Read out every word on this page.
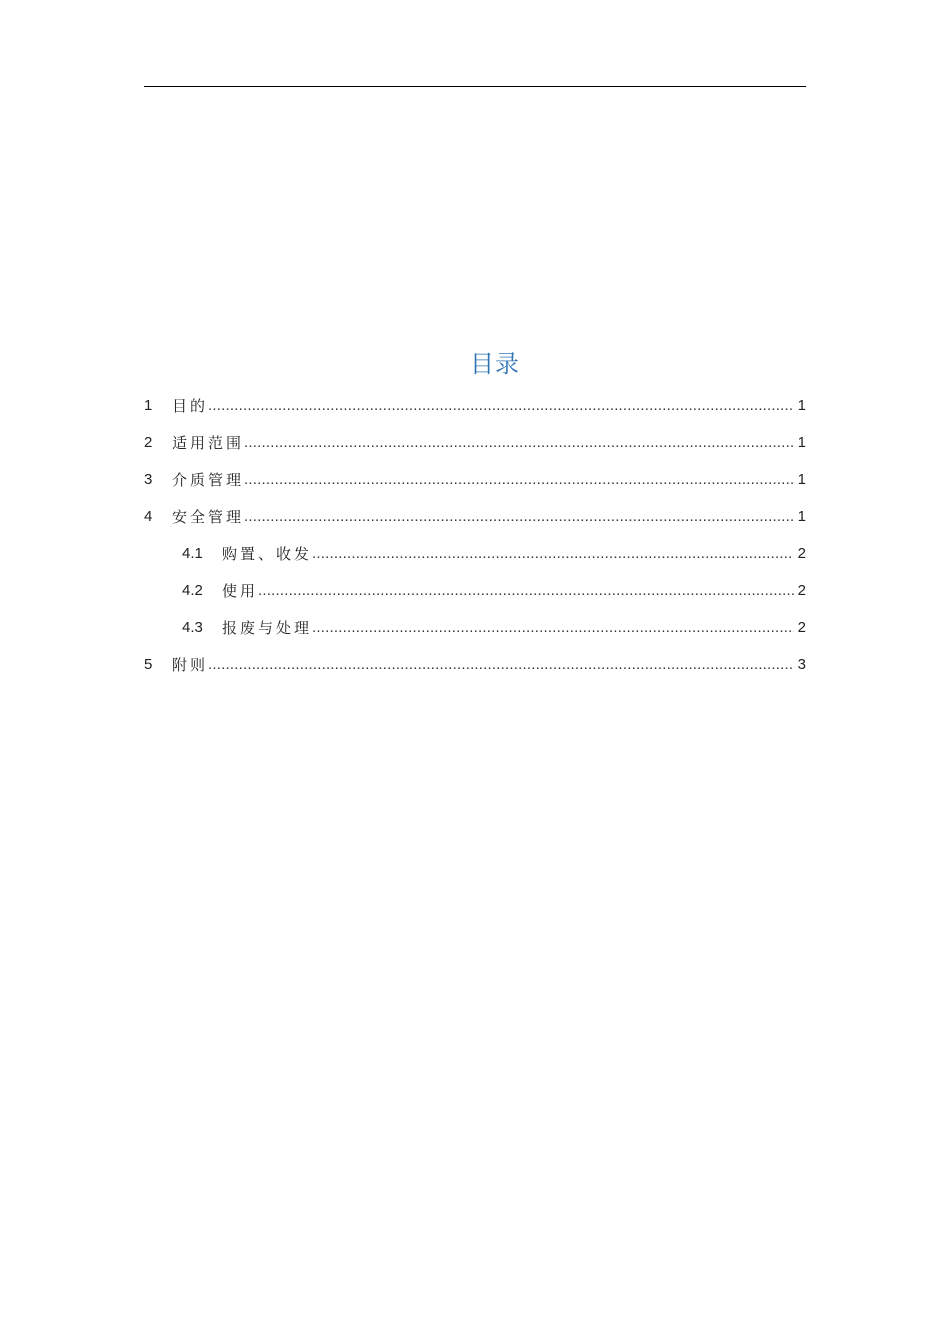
目录
1	目的 .....	1
2	适用范围 .....	1
3	介质管理 .....	1
4	安全管理 .....	1
4.1	购置、收发 .....	2
4.2	使用 .....	2
4.3	报废与处理 .....	2
5	附则 .....	3
